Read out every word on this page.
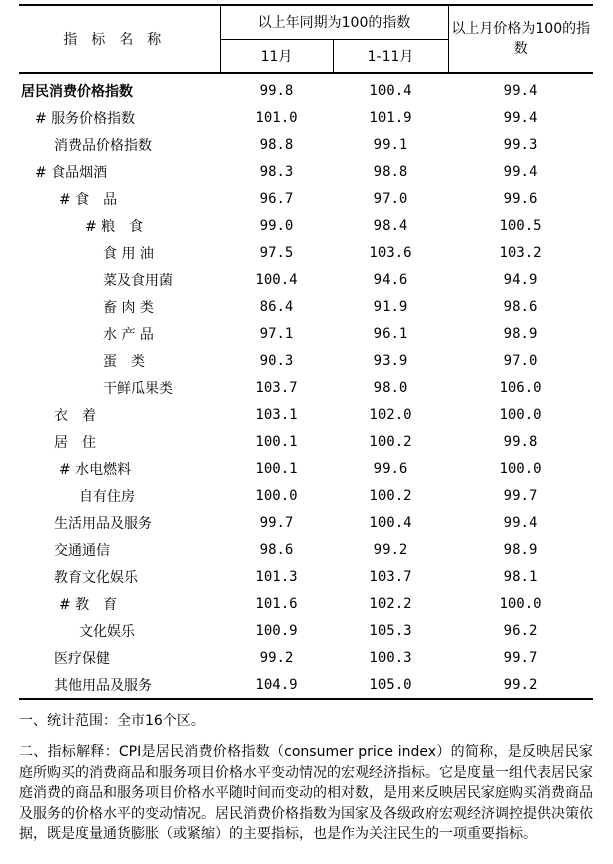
指标名称	以上年同期为100的指数		以上月价格为100的指数
	11月	1-11月	
居民消费价格指数	99.8	100.4	99.4
# 服务价格指数	101.0	101.9	99.4
消费品价格指数	98.8	99.1	99.3
# 食品烟酒	98.3	98.8	99.4
# 食　品	96.7	97.0	99.6
# 粮　食	99.0	98.4	100.5
食 用 油	97.5	103.6	103.2
菜及食用菌	100.4	94.6	94.9
畜 肉 类	86.4	91.9	98.6
水 产 品	97.1	96.1	98.9
蛋　类	90.3	93.9	97.0
干鲜瓜果类	103.7	98.0	106.0
衣　着	103.1	102.0	100.0
居　住	100.1	100.2	99.8
# 水电燃料	100.1	99.6	100.0
自有住房	100.0	100.2	99.7
生活用品及服务	99.7	100.4	99.4
交通通信	98.6	99.2	98.9
教育文化娱乐	101.3	103.7	98.1
# 教　育	101.6	102.2	100.0
文化娱乐	100.9	105.3	96.2
医疗保健	99.2	100.3	99.7
其他用品及服务	104.9	105.0	99.2
一、统计范围：全市16个区。
二、指标解释：CPI是居民消费价格指数（consumer price index）的简称，是反映居民家庭所购买的消费商品和服务项目价格水平变动情况的宏观经济指标。它是度量一组代表居民家庭消费的商品和服务项目价格水平随时间而变动的相对数，是用来反映居民家庭购买消费商品及服务的价格水平的变动情况。居民消费价格指数为国家及各级政府宏观经济调控提供决策依据，既是度量通货膨胀（或紧缩）的主要指标，也是作为关注民生的一项重要指标。
